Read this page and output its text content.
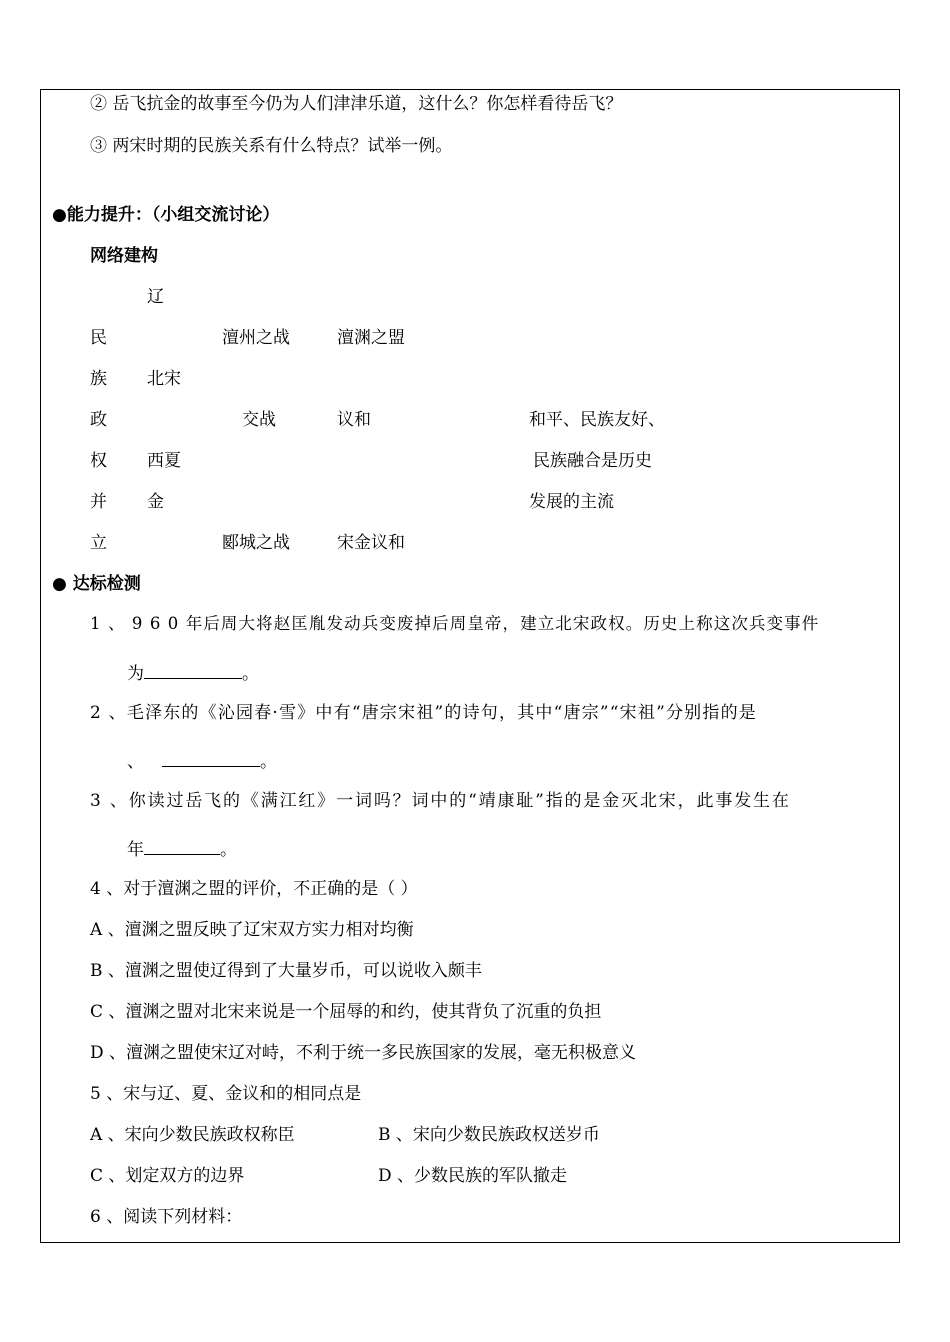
② 岳飞抗金的故事至今仍为人们津津乐道，这什么？你怎样看待岳飞？
③ 两宋时期的民族关系有什么特点？试举一例。
●能力提升：（小组交流讨论）
网络建构
辽
民	澶州之战	澶渊之盟
族 北宋
政	交战	议和	和平、民族友好、
权 西夏	民族融合是历史
并 金	发展的主流
立	郾城之战	宋金议和
● 达标检测
1 、 9 6 0 年后周大将赵匡胤发动兵变废掉后周皇帝，建立北宋政权。历史上称这次兵变事件
为	。
2 、毛泽东的《沁园春·雪》中有“唐宗宋祖”的诗句，其中“唐宗”“宋祖”分别指的是
、	。
3 、你读过岳飞的《满江红》一词吗？词中的“靖康耻”指的是金灭北宋，此事发生在
年	。
4 、对于澶渊之盟的评价，不正确的是（ ）
A 、澶渊之盟反映了辽宋双方实力相对均衡
B 、澶渊之盟使辽得到了大量岁币，可以说收入颇丰
C 、澶渊之盟对北宋来说是一个屈辱的和约，使其背负了沉重的负担
D 、澶渊之盟使宋辽对峙，不利于统一多民族国家的发展，毫无积极意义
5 、宋与辽、夏、金议和的相同点是
A 、宋向少数民族政权称臣	B 、宋向少数民族政权送岁币
C 、划定双方的边界	D 、少数民族的军队撤走
6 、阅读下列材料：
